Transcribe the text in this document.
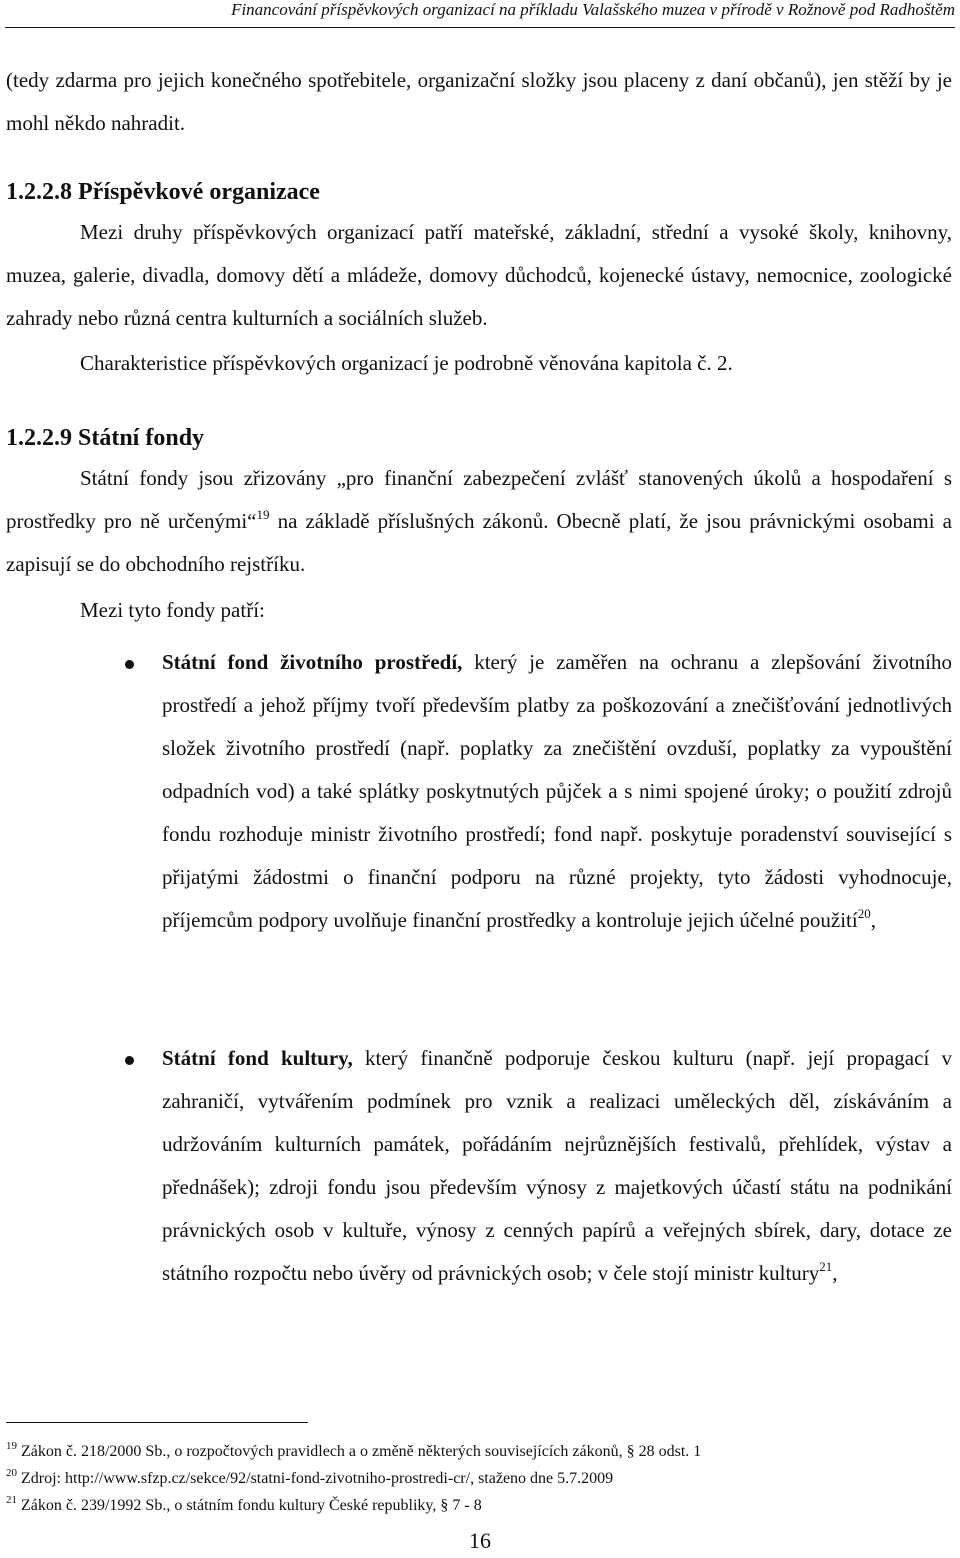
Financování příspěvkových organizací na příkladu Valašského muzea v přírodě v Rožnově pod Radhoštěm

(tedy zdarma pro jejich konečného spotřebitele, organizační složky jsou placeny z daní občanů), jen stěží by je mohl někdo nahradit.

1.2.2.8 Příspěvkové organizace

Mezi druhy příspěvkových organizací patří mateřské, základní, střední a vysoké školy, knihovny, muzea, galerie, divadla, domovy dětí a mládeže, domovy důchodců, kojenecké ústavy, nemocnice, zoologické zahrady nebo různá centra kulturních a sociálních služeb.

Charakteristice příspěvkových organizací je podrobně věnována kapitola č. 2.

1.2.2.9 Státní fondy

Státní fondy jsou zřizovány „pro finanční zabezpečení zvlášť stanovených úkolů a hospodaření s prostředky pro ně určenými“$^{19}$ na základě příslušných zákonů. Obecně platí, že jsou právnickými osobami a zapisují se do obchodního rejstříku.

Mezi tyto fondy patří:

Státní fond životního prostředí, který je zaměřen na ochranu a zlepšování životního prostředí a jehož příjmy tvoří především platby za poškozování a znečišťování jednotlivých složek životního prostředí (např. poplatky za znečištění ovzduší, poplatky za vypouštění odpadních vod) a také splátky poskytnutých půjček a s nimi spojené úroky; o použití zdrojů fondu rozhoduje ministr životního prostředí; fond např. poskytuje poradenství související s přijatými žádostmi o finanční podporu na různé projekty, tyto žádosti vyhodnocuje, příjemcům podpory uvolňuje finanční prostředky a kontroluje jejich účelné použití$^{20}$,
Státní fond kultury, který finančně podporuje českou kulturu (např. její propagací v zahraničí, vytvářením podmínek pro vznik a realizaci uměleckých děl, získáváním a udržováním kulturních památek, pořádáním nejrůznějších festivalů, přehlídek, výstav a přednášek); zdroji fondu jsou především výnosy z majetkových účastí státu na podnikání právnických osob v kultuře, výnosy z cenných papírů a veřejných sbírek, dary, dotace ze státního rozpočtu nebo úvěry od právnických osob; v čele stojí ministr kultury$^{21}$,
$^{19}$ Zákon č. 218/2000 Sb., o rozpočtových pravidlech a o změně některých souvisejících zákonů, § 28 odst. 1
$^{20}$ Zdroj: http://www.sfzp.cz/sekce/92/statni-fond-zivotniho-prostredi-cr/, staženo dne 5.7.2009
$^{21}$ Zákon č. 239/1992 Sb., o státním fondu kultury České republiky, § 7 - 8
16
